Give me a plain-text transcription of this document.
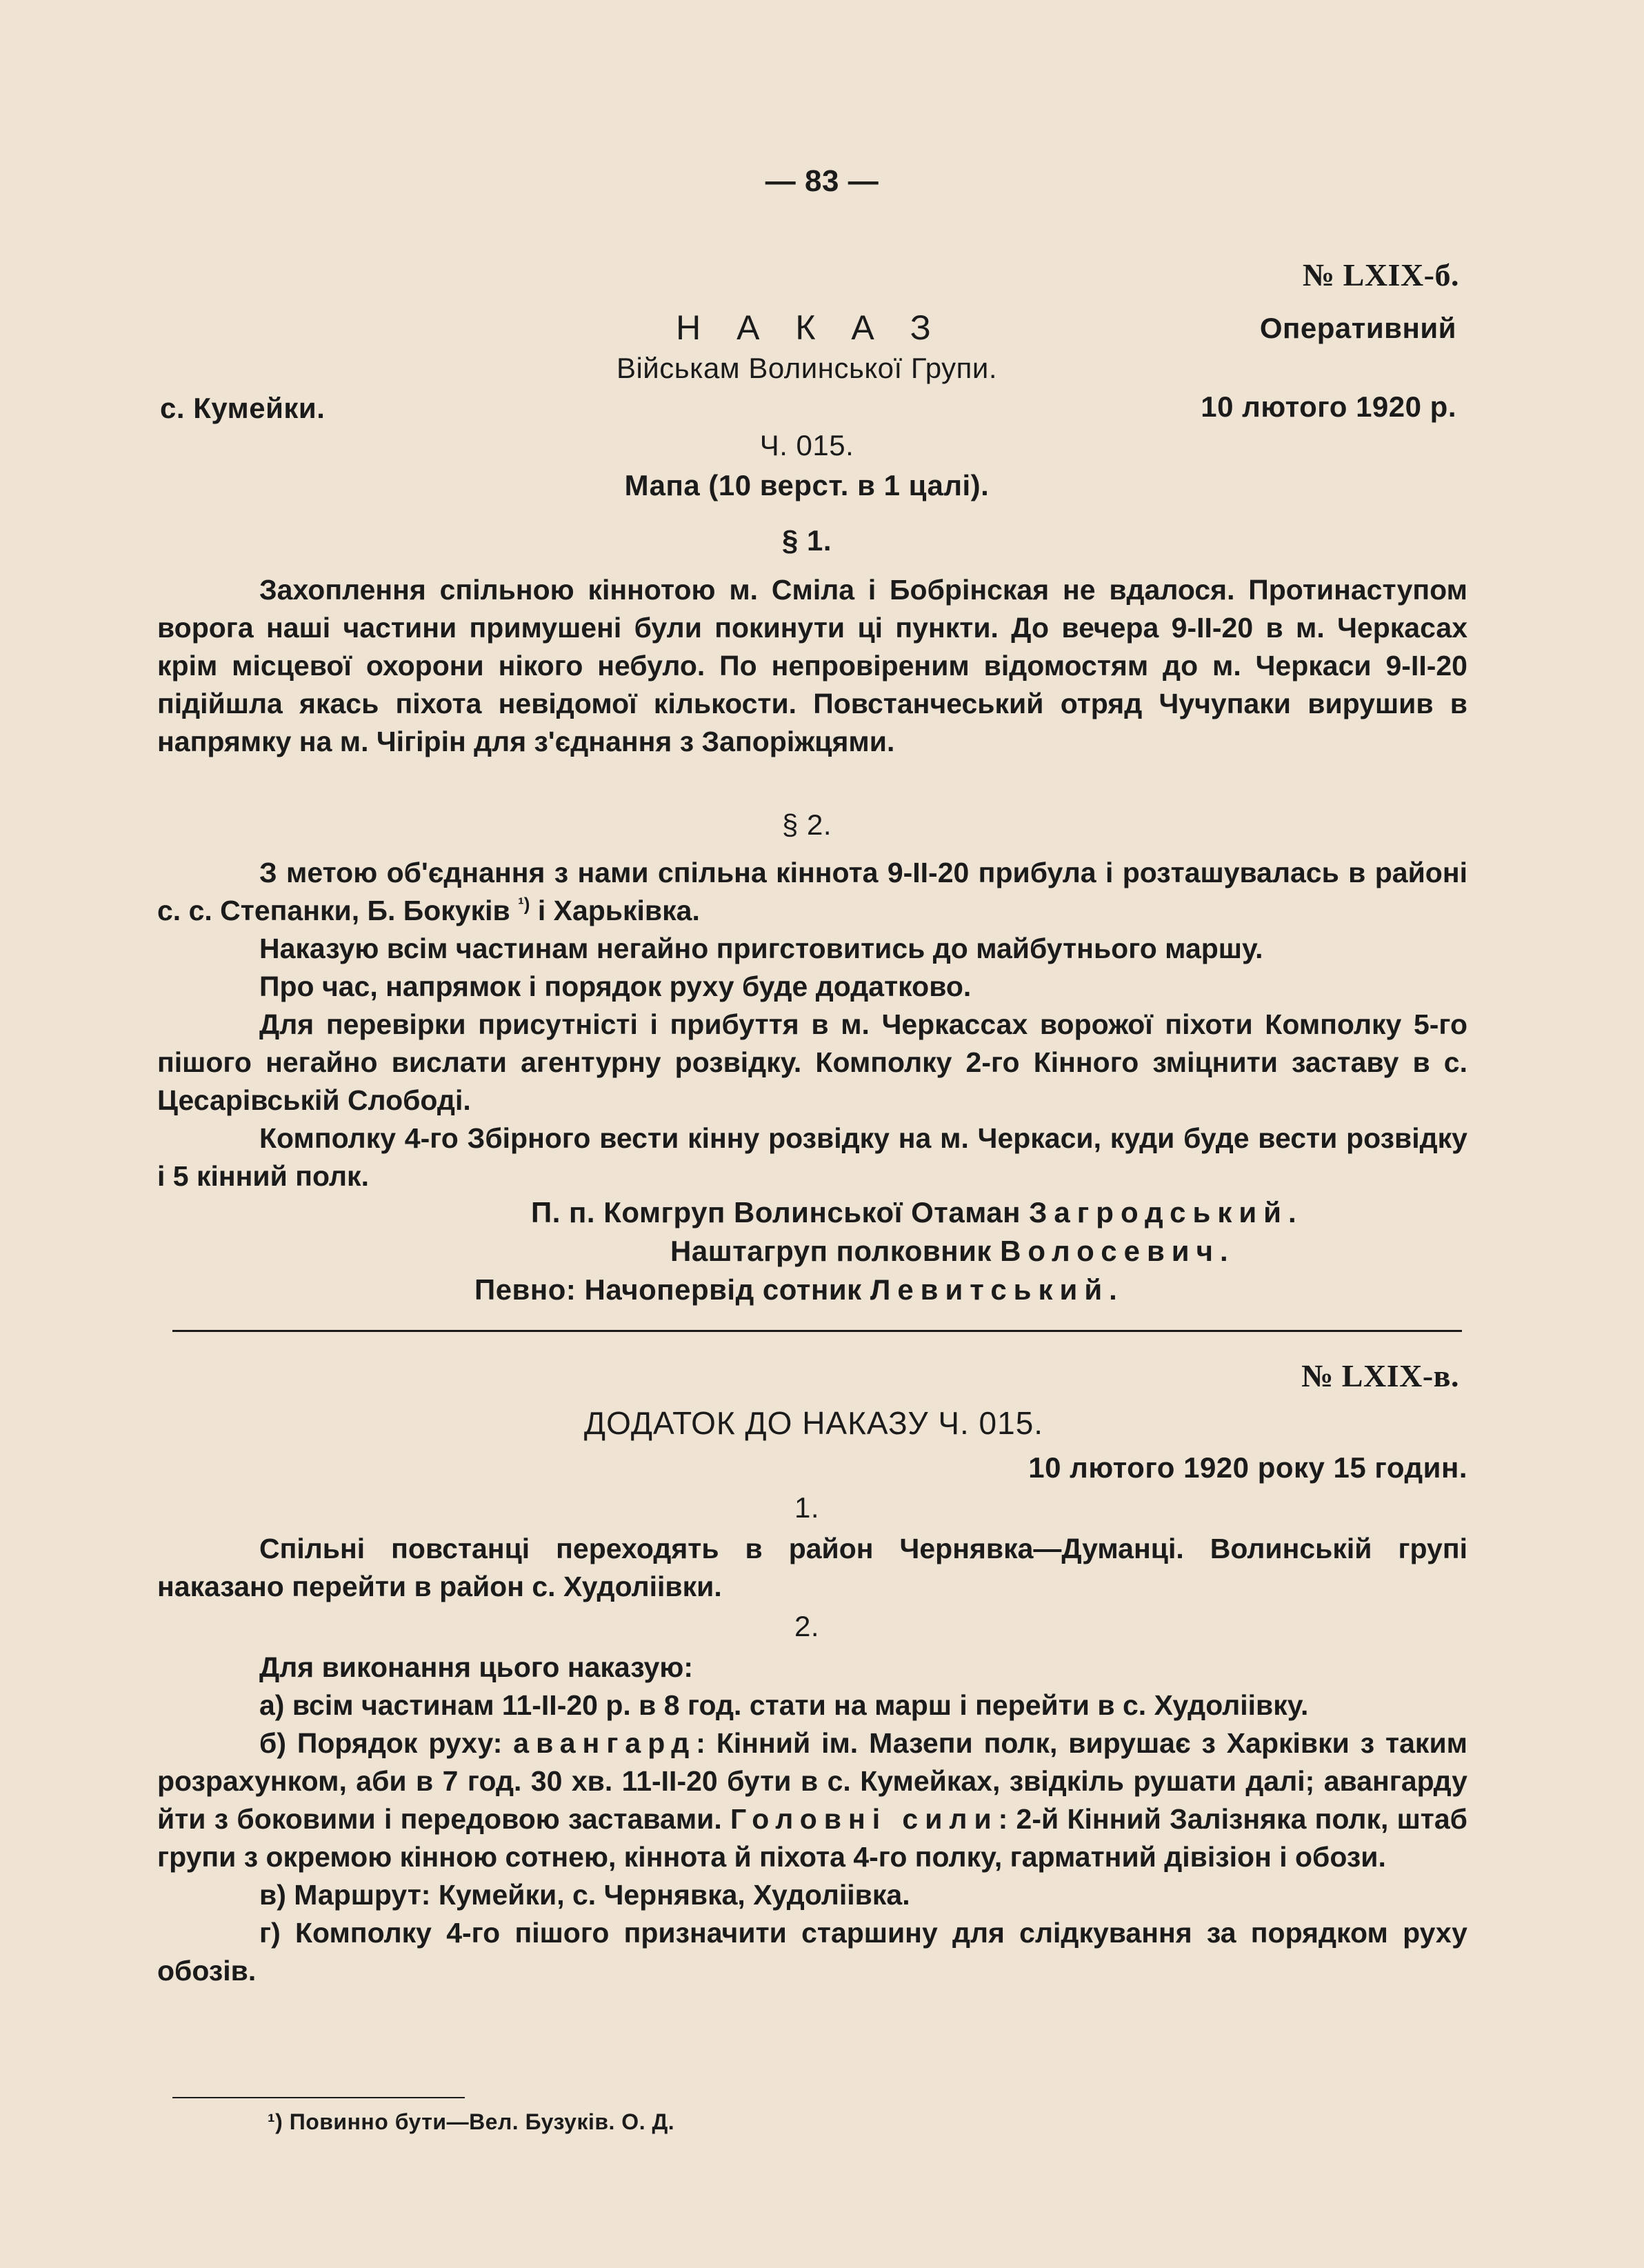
— 83 —
№ LXIX-б.
Н А К А З	Оперативний
Військам Волинської Групи.
с. Кумейки.	10 лютого 1920 р.
Ч. 015.
Мапа (10 верст. в 1 цалі).
§ 1.

Захоплення спільною кіннотою м. Сміла і Бобрінская не вдалося. Протинаступом ворога наші частини примушені були покинути ці пункти. До вечера 9-ІІ-20 в м. Черкасах крім місцевої охорони нікого небуло. По непровіреним відомостям до м. Черкаси 9-ІІ-20 підійшла якась піхота невідомої кількости. Повстанчеський отряд Чучупаки вирушив в напрямку на м. Чігірін для з'єднання з Запоріжцями.

§ 2.

З метою об'єднання з нами спільна кіннота 9-ІІ-20 прибула і розташувалась в районі с. с. Степанки, Б. Бокуків $^{^1)}$ і Харьківка.

Наказую всім частинам негайно пригстовитись до майбутнього маршу.

Про час, напрямок і порядок руху буде додатково.

Для перевірки присутністі і прибуття в м. Черкассах ворожої піхоти Комполку 5-го пішого негайно вислати агентурну розвідку. Комполку 2-го Кінного зміцнити заставу в с. Цесарівській Слободі.

Комполку 4-го Збірного вести кінну розвідку на м. Черкаси, куди буде вести розвідку і 5 кінний полк.

П. п. Комгруп Волинської Отаман Загродський.
Наштагруп полковник Волосевич.
Певно: Начопервід сотник Левитський.
№ LXIX-в.
ДОДАТОК ДО НАКАЗУ Ч. 015.
10 лютого 1920 року 15 годин.
1.

Спільні повстанці переходять в район Чернявка—Думанці. Волинській групі наказано перейти в район с. Худоліівки.

2.

Для виконання цього наказую:

а) всім частинам 11-ІІ-20 р. в 8 год. стати на марш і перейти в с. Худоліівку.

б) Порядок руху: авангард: Кінний ім. Мазепи полк, вирушає з Харківки з таким розрахунком, аби в 7 год. 30 хв. 11-ІІ-20 бути в с. Кумейках, звідкіль рушати далі; авангарду йти з боковими і передовою заставами. Головні сили: 2-й Кінний Залізняка полк, штаб групи з окремою кінною сотнею, кіннота й піхота 4-го полку, гарматний дівізіон і обози.

в) Маршрут: Кумейки, с. Чернявка, Худоліівка.

г) Комполку 4-го пішого призначити старшину для слідкування за порядком руху обозів.

¹) Повинно бути—Вел. Бузуків. О. Д.
